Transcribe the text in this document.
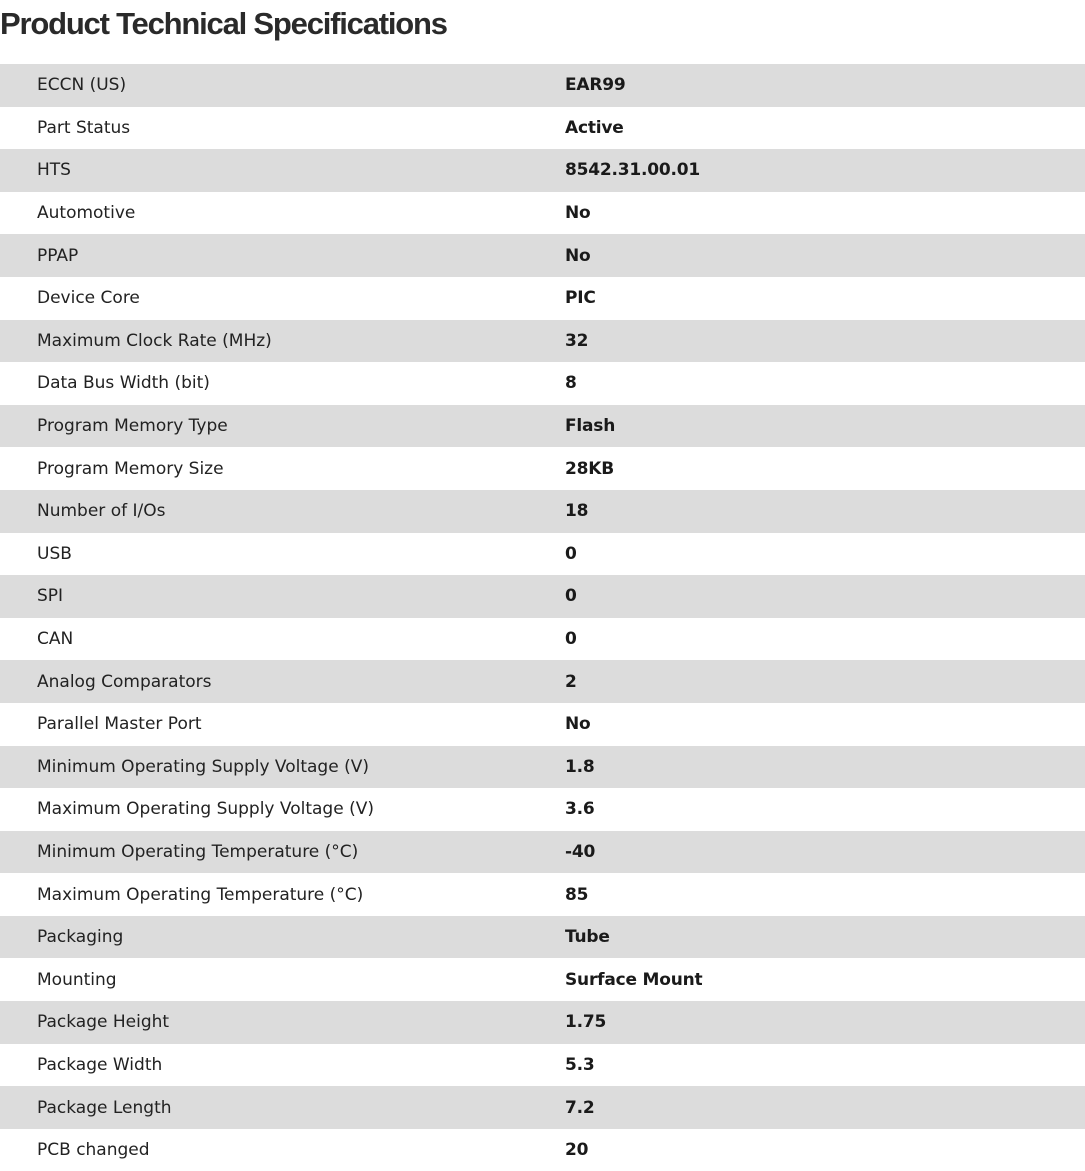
Product Technical Specifications
ECCN (US)	EAR99
Part Status	Active
HTS	8542.31.00.01
Automotive	No
PPAP	No
Device Core	PIC
Maximum Clock Rate (MHz)	32
Data Bus Width (bit)	8
Program Memory Type	Flash
Program Memory Size	28KB
Number of I/Os	18
USB	0
SPI	0
CAN	0
Analog Comparators	2
Parallel Master Port	No
Minimum Operating Supply Voltage (V)	1.8
Maximum Operating Supply Voltage (V)	3.6
Minimum Operating Temperature (°C)	-40
Maximum Operating Temperature (°C)	85
Packaging	Tube
Mounting	Surface Mount
Package Height	1.75
Package Width	5.3
Package Length	7.2
PCB changed	20
